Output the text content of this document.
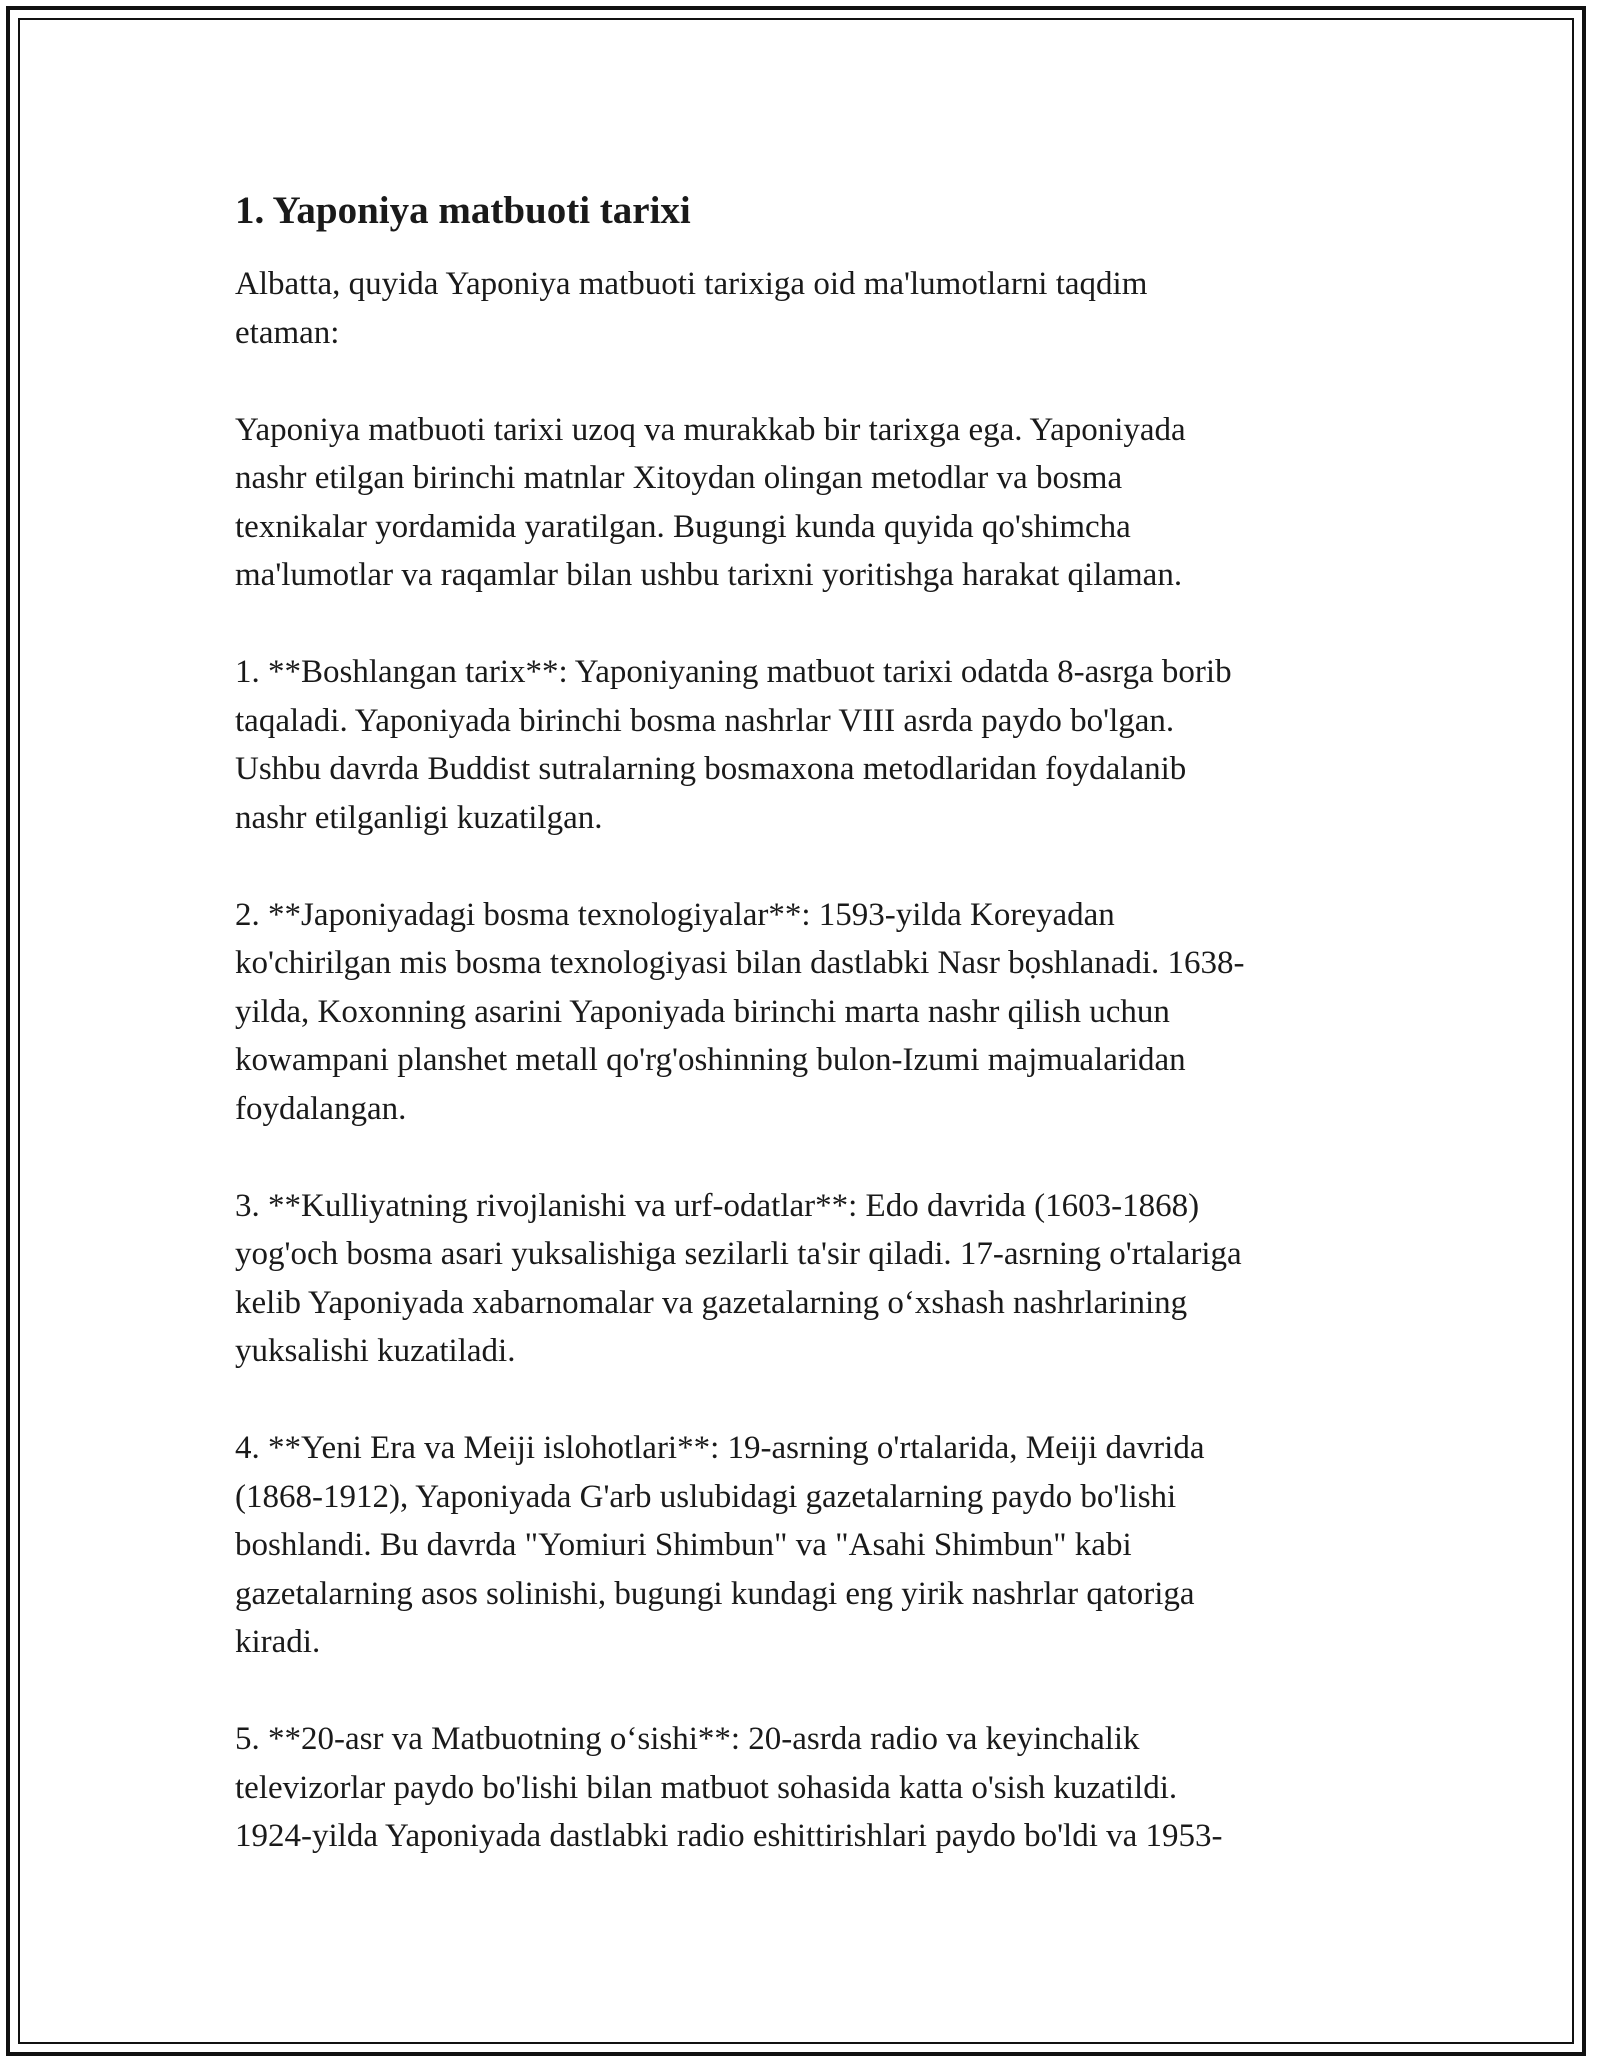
1. Yaponiya matbuoti tarixi

Albatta, quyida Yaponiya matbuoti tarixiga oid ma'lumotlarni taqdim
etaman:

Yaponiya matbuoti tarixi uzoq va murakkab bir tarixga ega. Yaponiyada
nashr etilgan birinchi matnlar Xitoydan olingan metodlar va bosma
texnikalar yordamida yaratilgan. Bugungi kunda quyida qo'shimcha
ma'lumotlar va raqamlar bilan ushbu tarixni yoritishga harakat qilaman.

1. **Boshlangan tarix**: Yaponiyaning matbuot tarixi odatda 8-asrga borib
taqaladi. Yaponiyada birinchi bosma nashrlar VIII asrda paydo bo'lgan.
Ushbu davrda Buddist sutralarning bosmaxona metodlaridan foydalanib
nashr etilganligi kuzatilgan.

2. **Japoniyadagi bosma texnologiyalar**: 1593-yilda Koreyadan
ko'chirilgan mis bosma texnologiyasi bilan dastlabki Nasr bọshlanadi. 1638-
yilda, Koxonning asarini Yaponiyada birinchi marta nashr qilish uchun
kowampani planshet metall qo'rg'oshinning bulon-Izumi majmualaridan
foydalangan.

3. **Kulliyatning rivojlanishi va urf-odatlar**: Edo davrida (1603-1868)
yog'och bosma asari yuksalishiga sezilarli ta'sir qiladi. 17-asrning o'rtalariga
kelib Yaponiyada xabarnomalar va gazetalarning o‘xshash nashrlarining
yuksalishi kuzatiladi.

4. **Yeni Era va Meiji islohotlari**: 19-asrning o'rtalarida, Meiji davrida
(1868-1912), Yaponiyada G'arb uslubidagi gazetalarning paydo bo'lishi
boshlandi. Bu davrda "Yomiuri Shimbun" va "Asahi Shimbun" kabi
gazetalarning asos solinishi, bugungi kundagi eng yirik nashrlar qatoriga
kiradi.

5. **20-asr va Matbuotning o‘sishi**: 20-asrda radio va keyinchalik
televizorlar paydo bo'lishi bilan matbuot sohasida katta o'sish kuzatildi.
1924-yilda Yaponiyada dastlabki radio eshittirishlari paydo bo'ldi va 1953-
